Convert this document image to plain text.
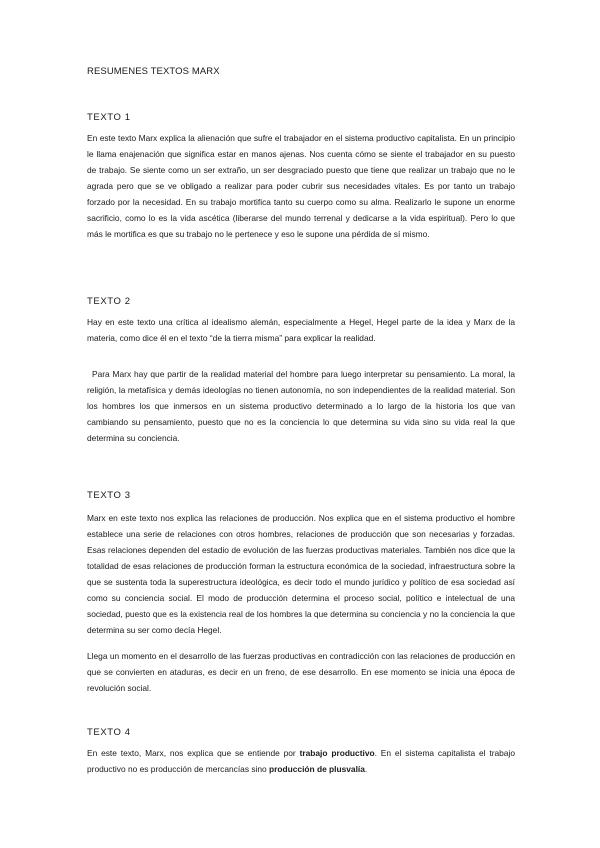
RESUMENES TEXTOS MARX
TEXTO 1

En este texto Marx explica la alienación que sufre el trabajador en el sistema productivo capitalista. En un principio le llama enajenación que significa estar en manos ajenas. Nos cuenta cómo se siente el trabajador en su puesto de trabajo. Se siente como un ser extraño, un ser desgraciado puesto que tiene que realizar un trabajo que no le agrada pero que se ve obligado a realizar para poder cubrir sus necesidades vitales. Es por tanto un trabajo forzado por la necesidad. En su trabajo mortifica tanto su cuerpo como su alma. Realizarlo le supone un enorme sacrificio, como lo es la vida ascética (liberarse del mundo terrenal y dedicarse a la vida espiritual). Pero lo que más le mortifica es que su trabajo no le pertenece y eso le supone una pérdida de sí mismo.

TEXTO 2

Hay en este texto una crítica al idealismo alemán, especialmente a Hegel, Hegel parte de la idea y Marx de la materia, como dice él en el texto “de la tierra misma” para explicar la realidad.

Para Marx hay que partir de la realidad material del hombre para luego interpretar su pensamiento. La moral, la religión, la metafísica y demás ideologías no tienen autonomía, no son independientes de la realidad material. Son los hombres los que inmersos en un sistema productivo determinado a lo largo de la historia los que van cambiando su pensamiento, puesto que no es la conciencia lo que determina su vida sino su vida real la que determina su conciencia.

TEXTO 3

Marx en este texto nos explica las relaciones de producción. Nos explica que en el sistema productivo el hombre establece una serie de relaciones con otros hombres, relaciones de producción que son necesarias y forzadas. Esas relaciones dependen del estadio de evolución de las fuerzas productivas materiales. También nos dice que la totalidad de esas relaciones de producción forman la estructura económica de la sociedad, infraestructura sobre la que se sustenta toda la superestructura ideológica, es decir todo el mundo jurídico y político de esa sociedad así como su conciencia social. El modo de producción determina el proceso social, político e intelectual de una sociedad, puesto que es la existencia real de los hombres la que determina su conciencia y no la conciencia la que determina su ser como decía Hegel.

Llega un momento en el desarrollo de las fuerzas productivas en contradicción con las relaciones de producción en que se convierten en ataduras, es decir en un freno, de ese desarrollo. En ese momento se inicia una época de revolución social.

TEXTO 4

En este texto, Marx, nos explica que se entiende por trabajo productivo. En el sistema capitalista el trabajo productivo no es producción de mercancías sino producción de plusvalía.
